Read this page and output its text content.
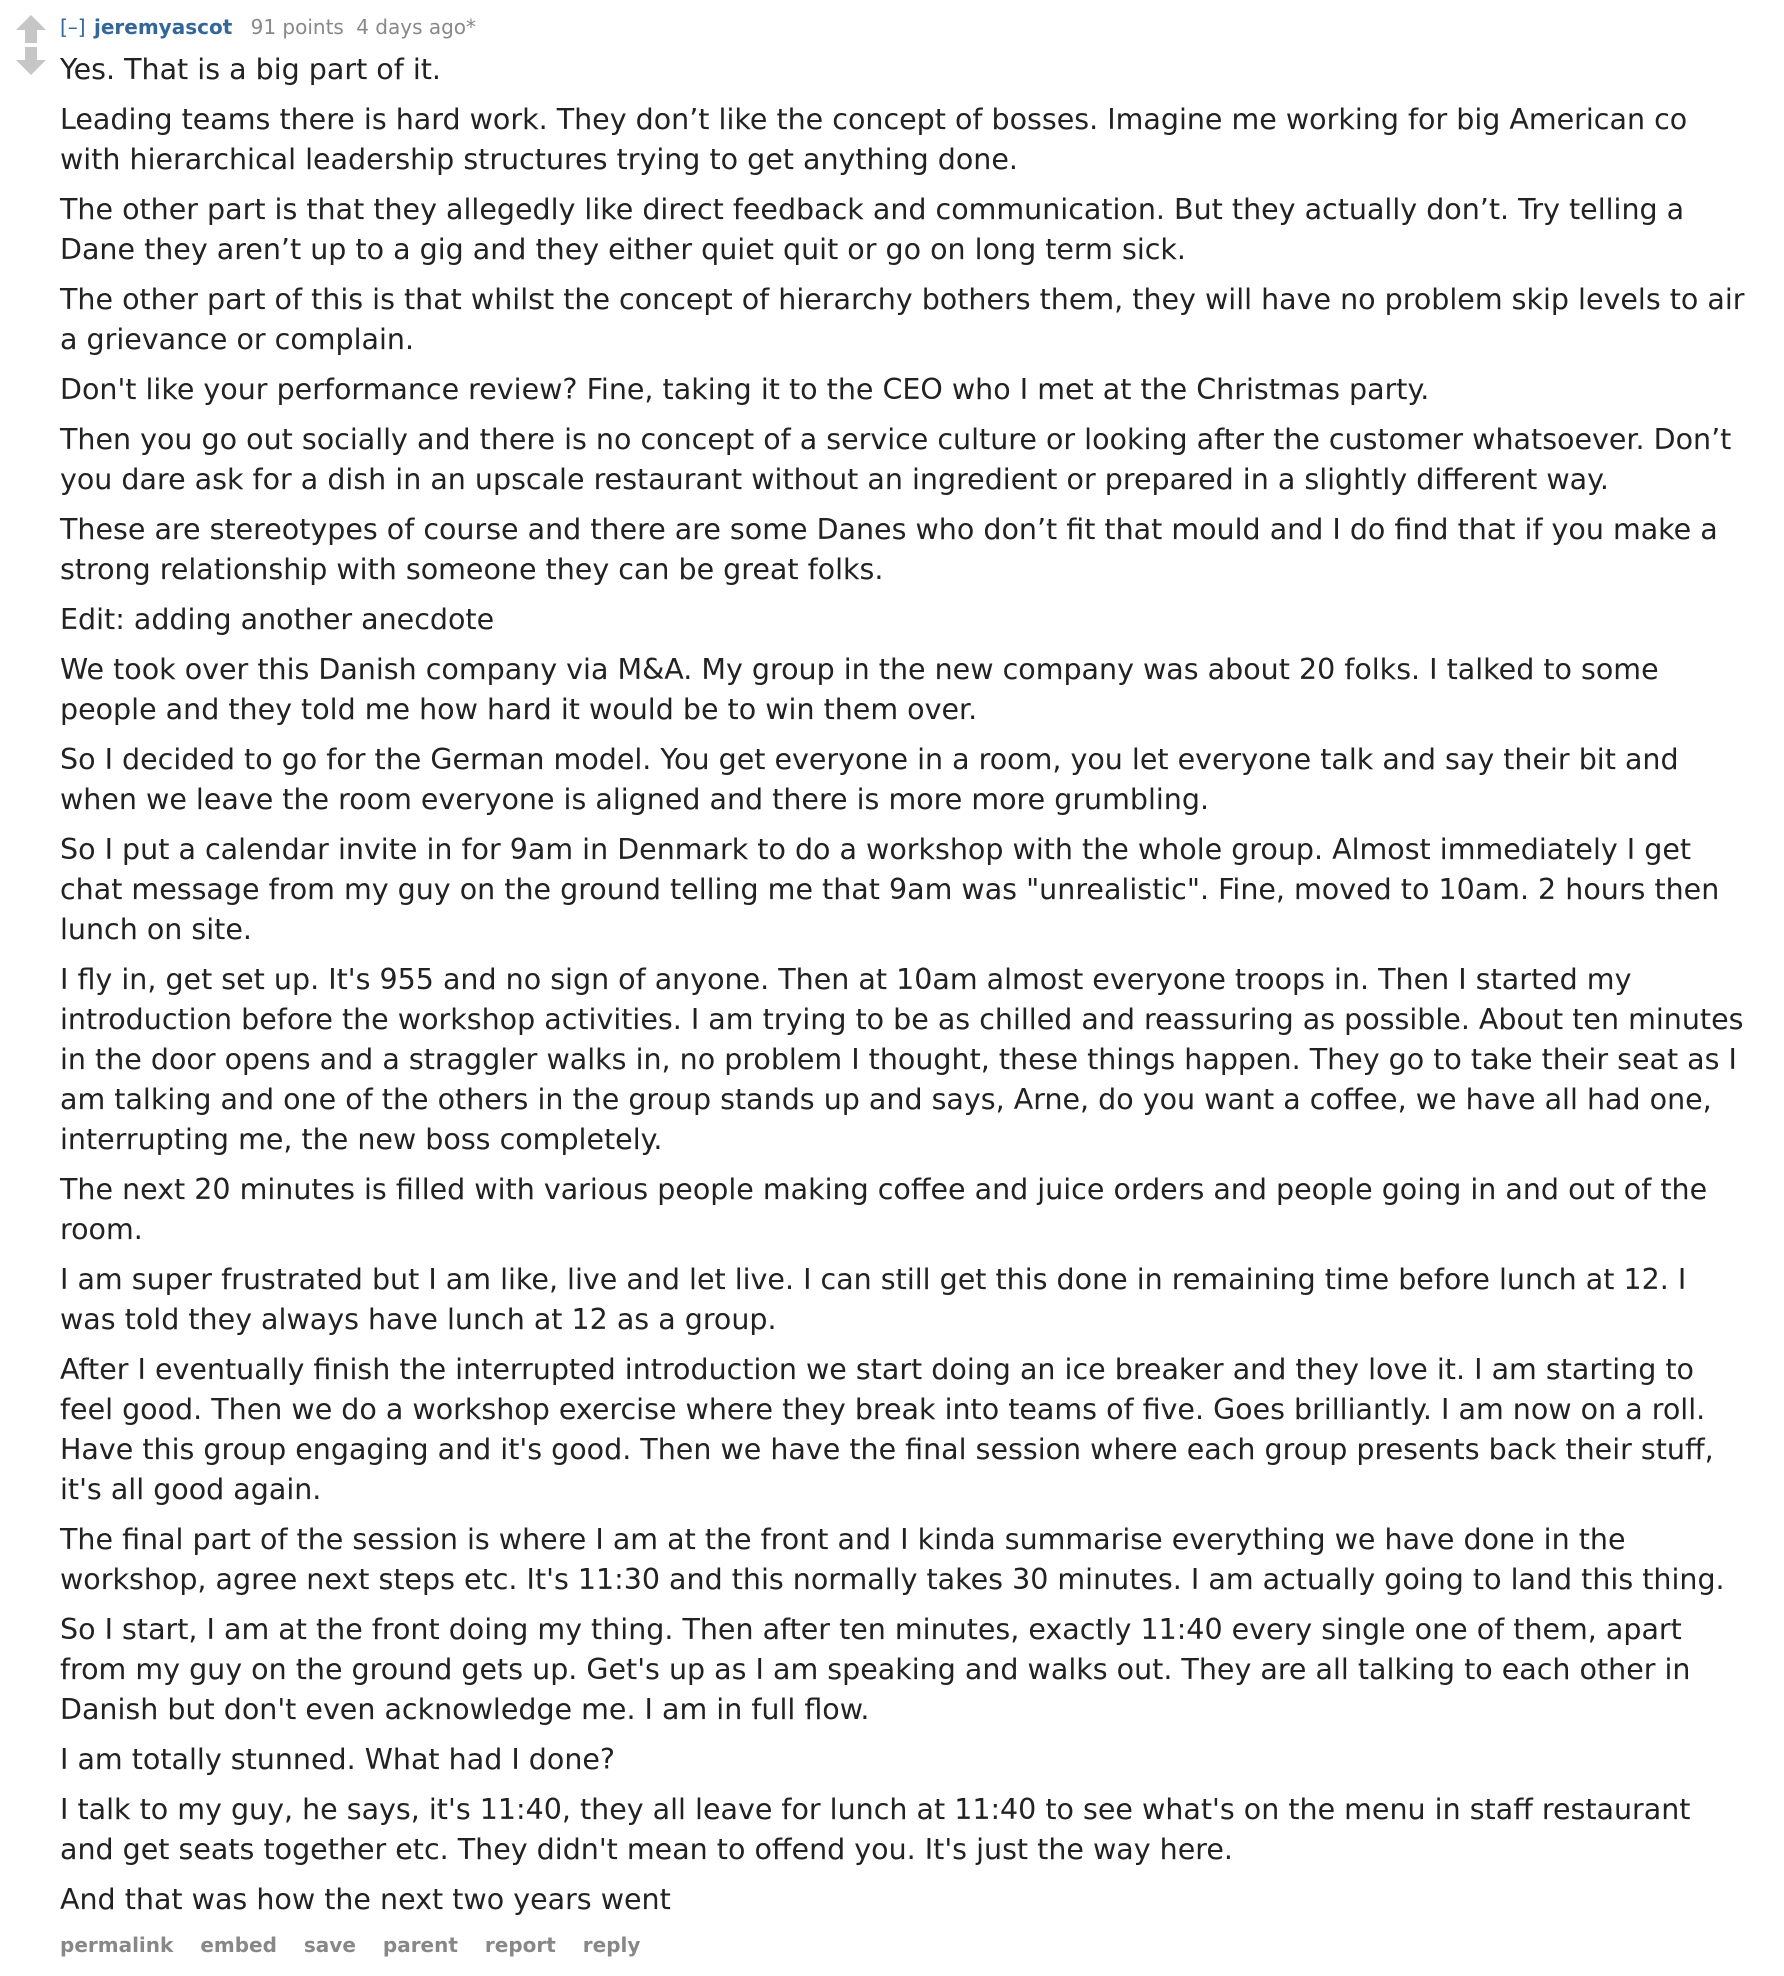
[–] jeremyascot 91 points 4 days ago*

Yes. That is a big part of it.

Leading teams there is hard work. They don’t like the concept of bosses. Imagine me working for big American co with hierarchical leadership structures trying to get anything done.

The other part is that they allegedly like direct feedback and communication. But they actually don’t. Try telling a Dane they aren’t up to a gig and they either quiet quit or go on long term sick.

The other part of this is that whilst the concept of hierarchy bothers them, they will have no problem skip levels to air a grievance or complain.

Don't like your performance review? Fine, taking it to the CEO who I met at the Christmas party.

Then you go out socially and there is no concept of a service culture or looking after the customer whatsoever. Don’t you dare ask for a dish in an upscale restaurant without an ingredient or prepared in a slightly different way.

These are stereotypes of course and there are some Danes who don’t fit that mould and I do find that if you make a strong relationship with someone they can be great folks.

Edit: adding another anecdote

We took over this Danish company via M&A. My group in the new company was about 20 folks. I talked to some people and they told me how hard it would be to win them over.

So I decided to go for the German model. You get everyone in a room, you let everyone talk and say their bit and when we leave the room everyone is aligned and there is more more grumbling.

So I put a calendar invite in for 9am in Denmark to do a workshop with the whole group. Almost immediately I get chat message from my guy on the ground telling me that 9am was "unrealistic". Fine, moved to 10am. 2 hours then lunch on site.

I fly in, get set up. It's 955 and no sign of anyone. Then at 10am almost everyone troops in. Then I started my introduction before the workshop activities. I am trying to be as chilled and reassuring as possible. About ten minutes in the door opens and a straggler walks in, no problem I thought, these things happen. They go to take their seat as I am talking and one of the others in the group stands up and says, Arne, do you want a coffee, we have all had one, interrupting me, the new boss completely.

The next 20 minutes is filled with various people making coffee and juice orders and people going in and out of the room.

I am super frustrated but I am like, live and let live. I can still get this done in remaining time before lunch at 12. I was told they always have lunch at 12 as a group.

After I eventually finish the interrupted introduction we start doing an ice breaker and they love it. I am starting to feel good. Then we do a workshop exercise where they break into teams of five. Goes brilliantly. I am now on a roll. Have this group engaging and it's good. Then we have the final session where each group presents back their stuff, it's all good again.

The final part of the session is where I am at the front and I kinda summarise everything we have done in the workshop, agree next steps etc. It's 11:30 and this normally takes 30 minutes. I am actually going to land this thing.

So I start, I am at the front doing my thing. Then after ten minutes, exactly 11:40 every single one of them, apart from my guy on the ground gets up. Get's up as I am speaking and walks out. They are all talking to each other in Danish but don't even acknowledge me. I am in full flow.

I am totally stunned. What had I done?

I talk to my guy, he says, it's 11:40, they all leave for lunch at 11:40 to see what's on the menu in staff restaurant and get seats together etc. They didn't mean to offend you. It's just the way here.

And that was how the next two years went

permalink embed save parent report reply
